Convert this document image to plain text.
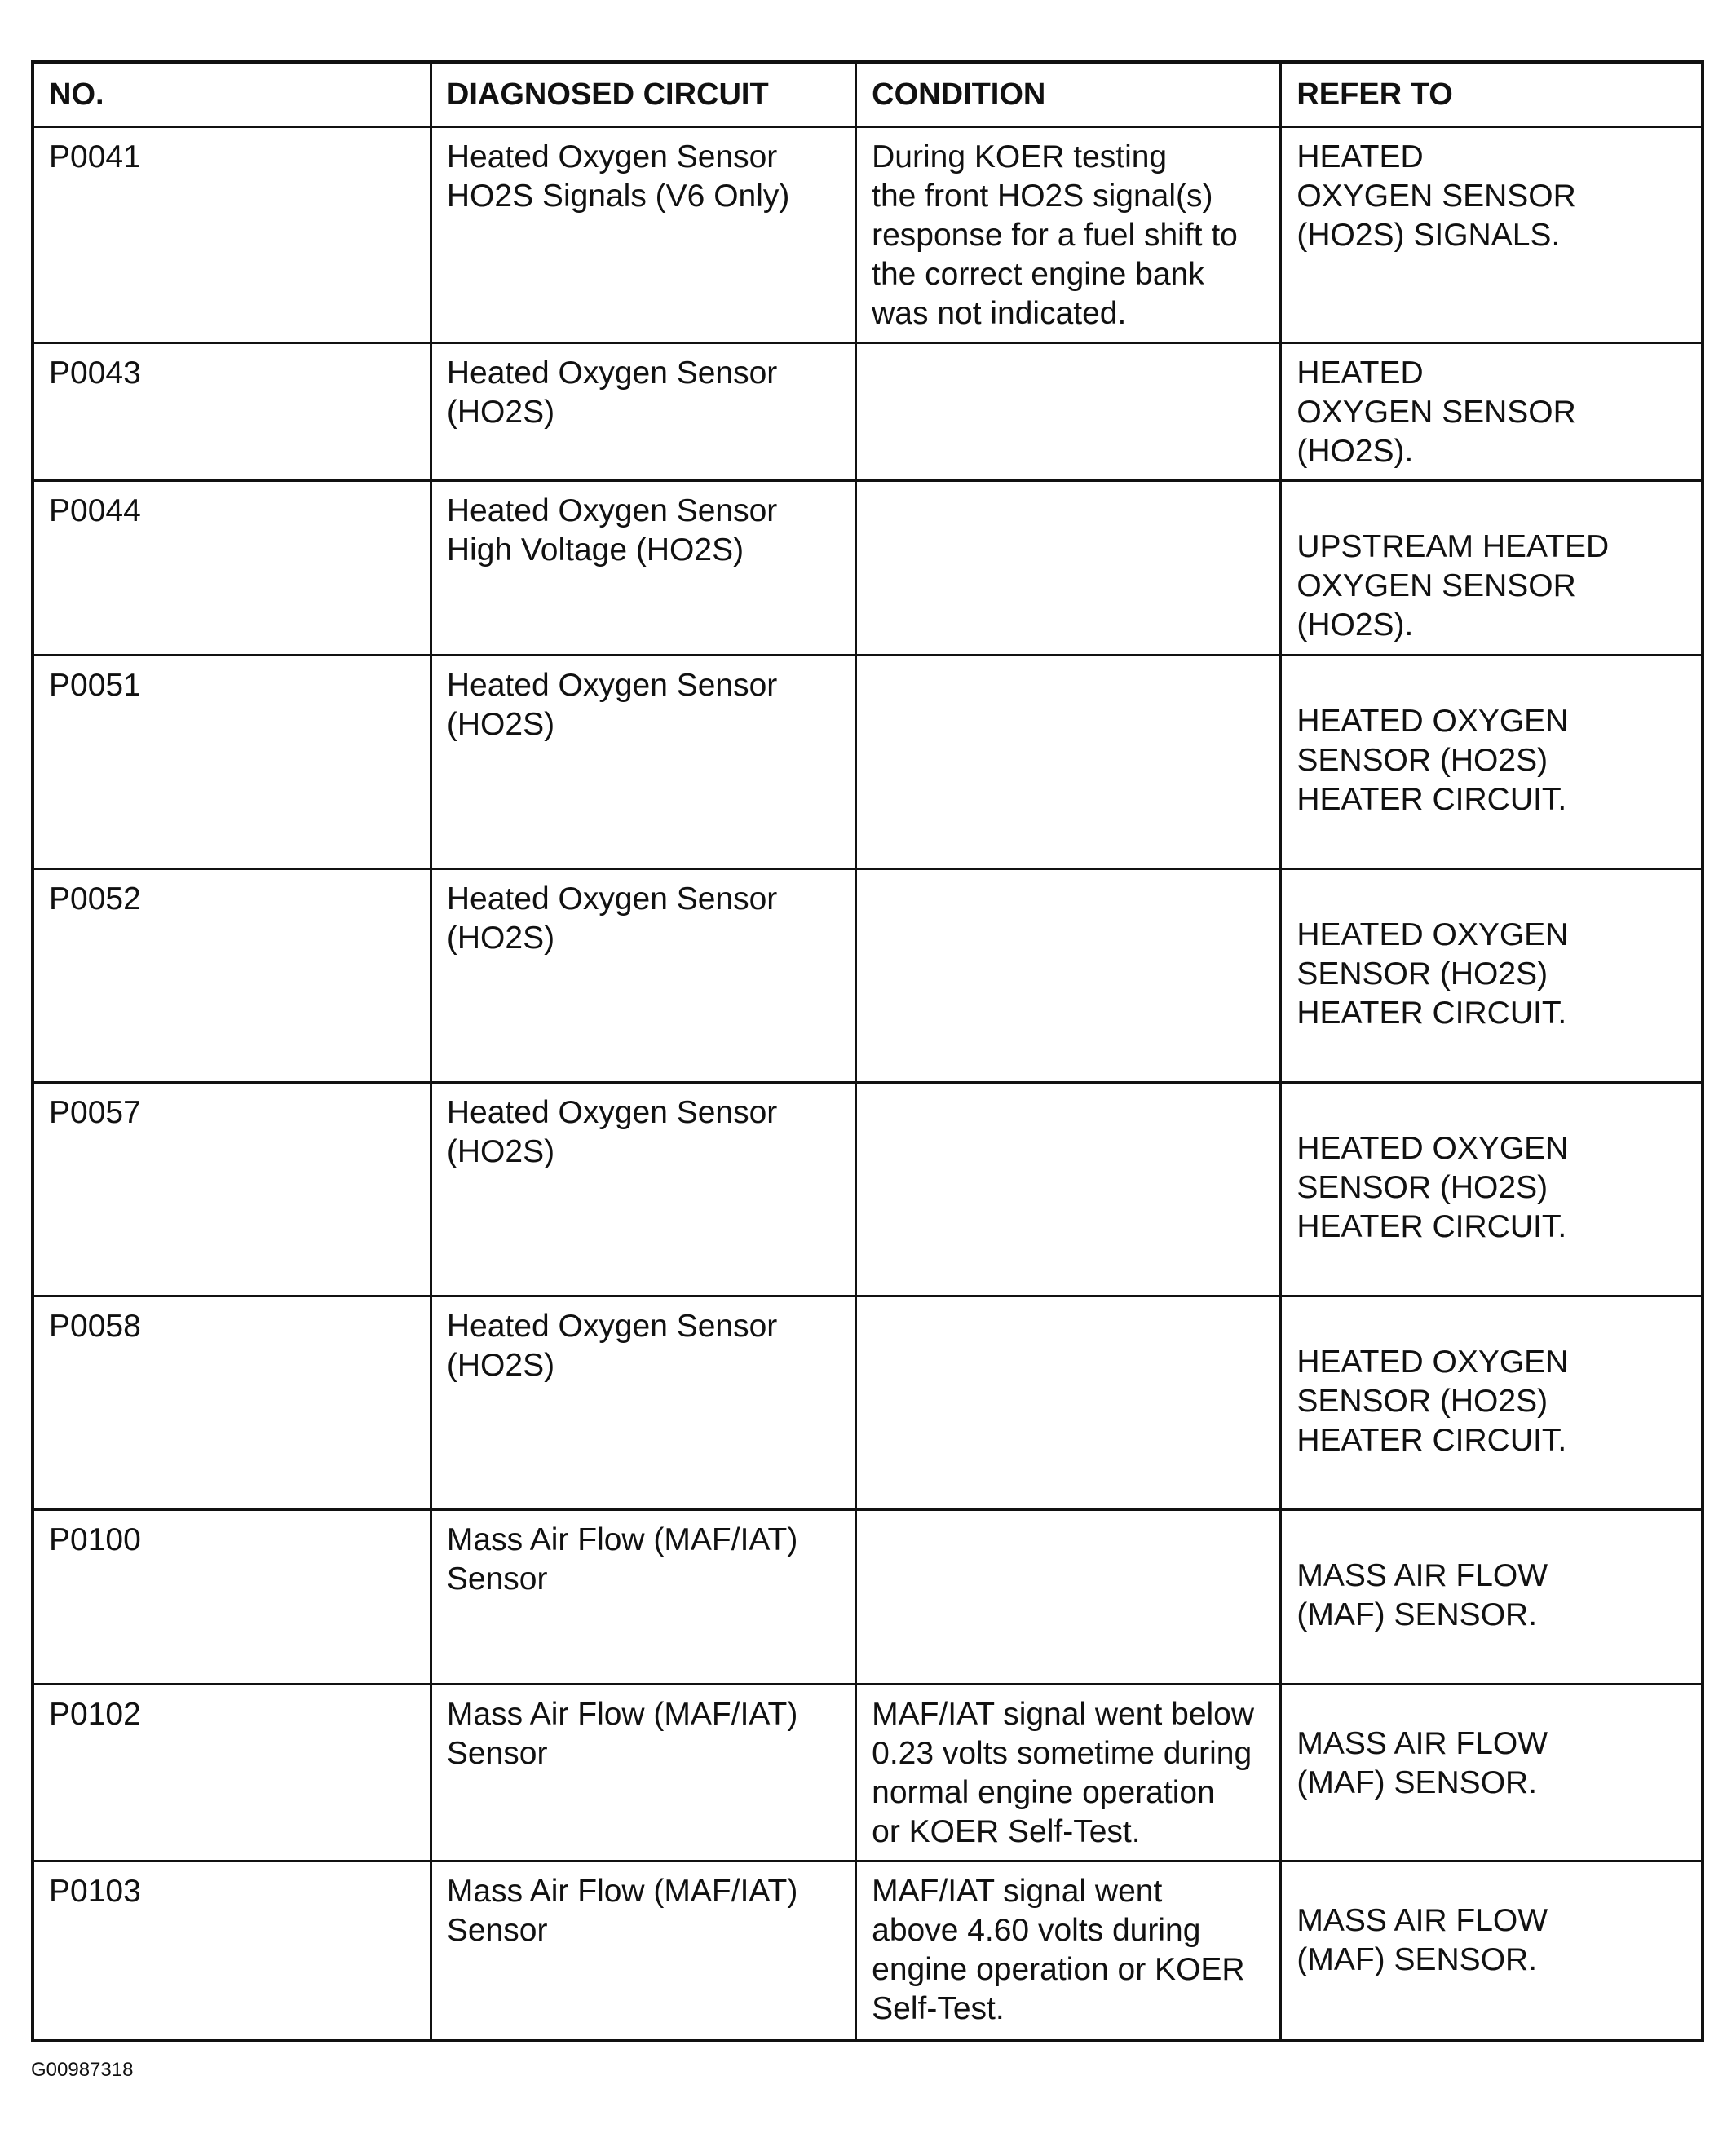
NO.	DIAGNOSED CIRCUIT	CONDITION	REFER TO
P0041	Heated Oxygen Sensor
HO2S Signals (V6 Only)	During KOER testing
the front HO2S signal(s)
response for a fuel shift to
the correct engine bank
was not indicated.	HEATED
OXYGEN SENSOR
(HO2S) SIGNALS.

P0043	Heated Oxygen Sensor
(HO2S)		HEATED
OXYGEN SENSOR
(HO2S).

P0044	Heated Oxygen Sensor
High Voltage (HO2S)		UPSTREAM HEATED
OXYGEN SENSOR
(HO2S).

P0051	Heated Oxygen Sensor
(HO2S)		HEATED OXYGEN
SENSOR (HO2S)
HEATER CIRCUIT.

P0052	Heated Oxygen Sensor
(HO2S)		HEATED OXYGEN
SENSOR (HO2S)
HEATER CIRCUIT.

P0057	Heated Oxygen Sensor
(HO2S)		HEATED OXYGEN
SENSOR (HO2S)
HEATER CIRCUIT.

P0058	Heated Oxygen Sensor
(HO2S)		HEATED OXYGEN
SENSOR (HO2S)
HEATER CIRCUIT.

P0100	Mass Air Flow (MAF/IAT)
Sensor		MASS AIR FLOW
(MAF) SENSOR.

P0102	Mass Air Flow (MAF/IAT)
Sensor	MAF/IAT signal went below
0.23 volts sometime during
normal engine operation
or KOER Self-Test.	MASS AIR FLOW
(MAF) SENSOR.

P0103	Mass Air Flow (MAF/IAT)
Sensor	MAF/IAT signal went
above 4.60 volts during
engine operation or KOER
Self-Test.	MASS AIR FLOW
(MAF) SENSOR.
G00987318
